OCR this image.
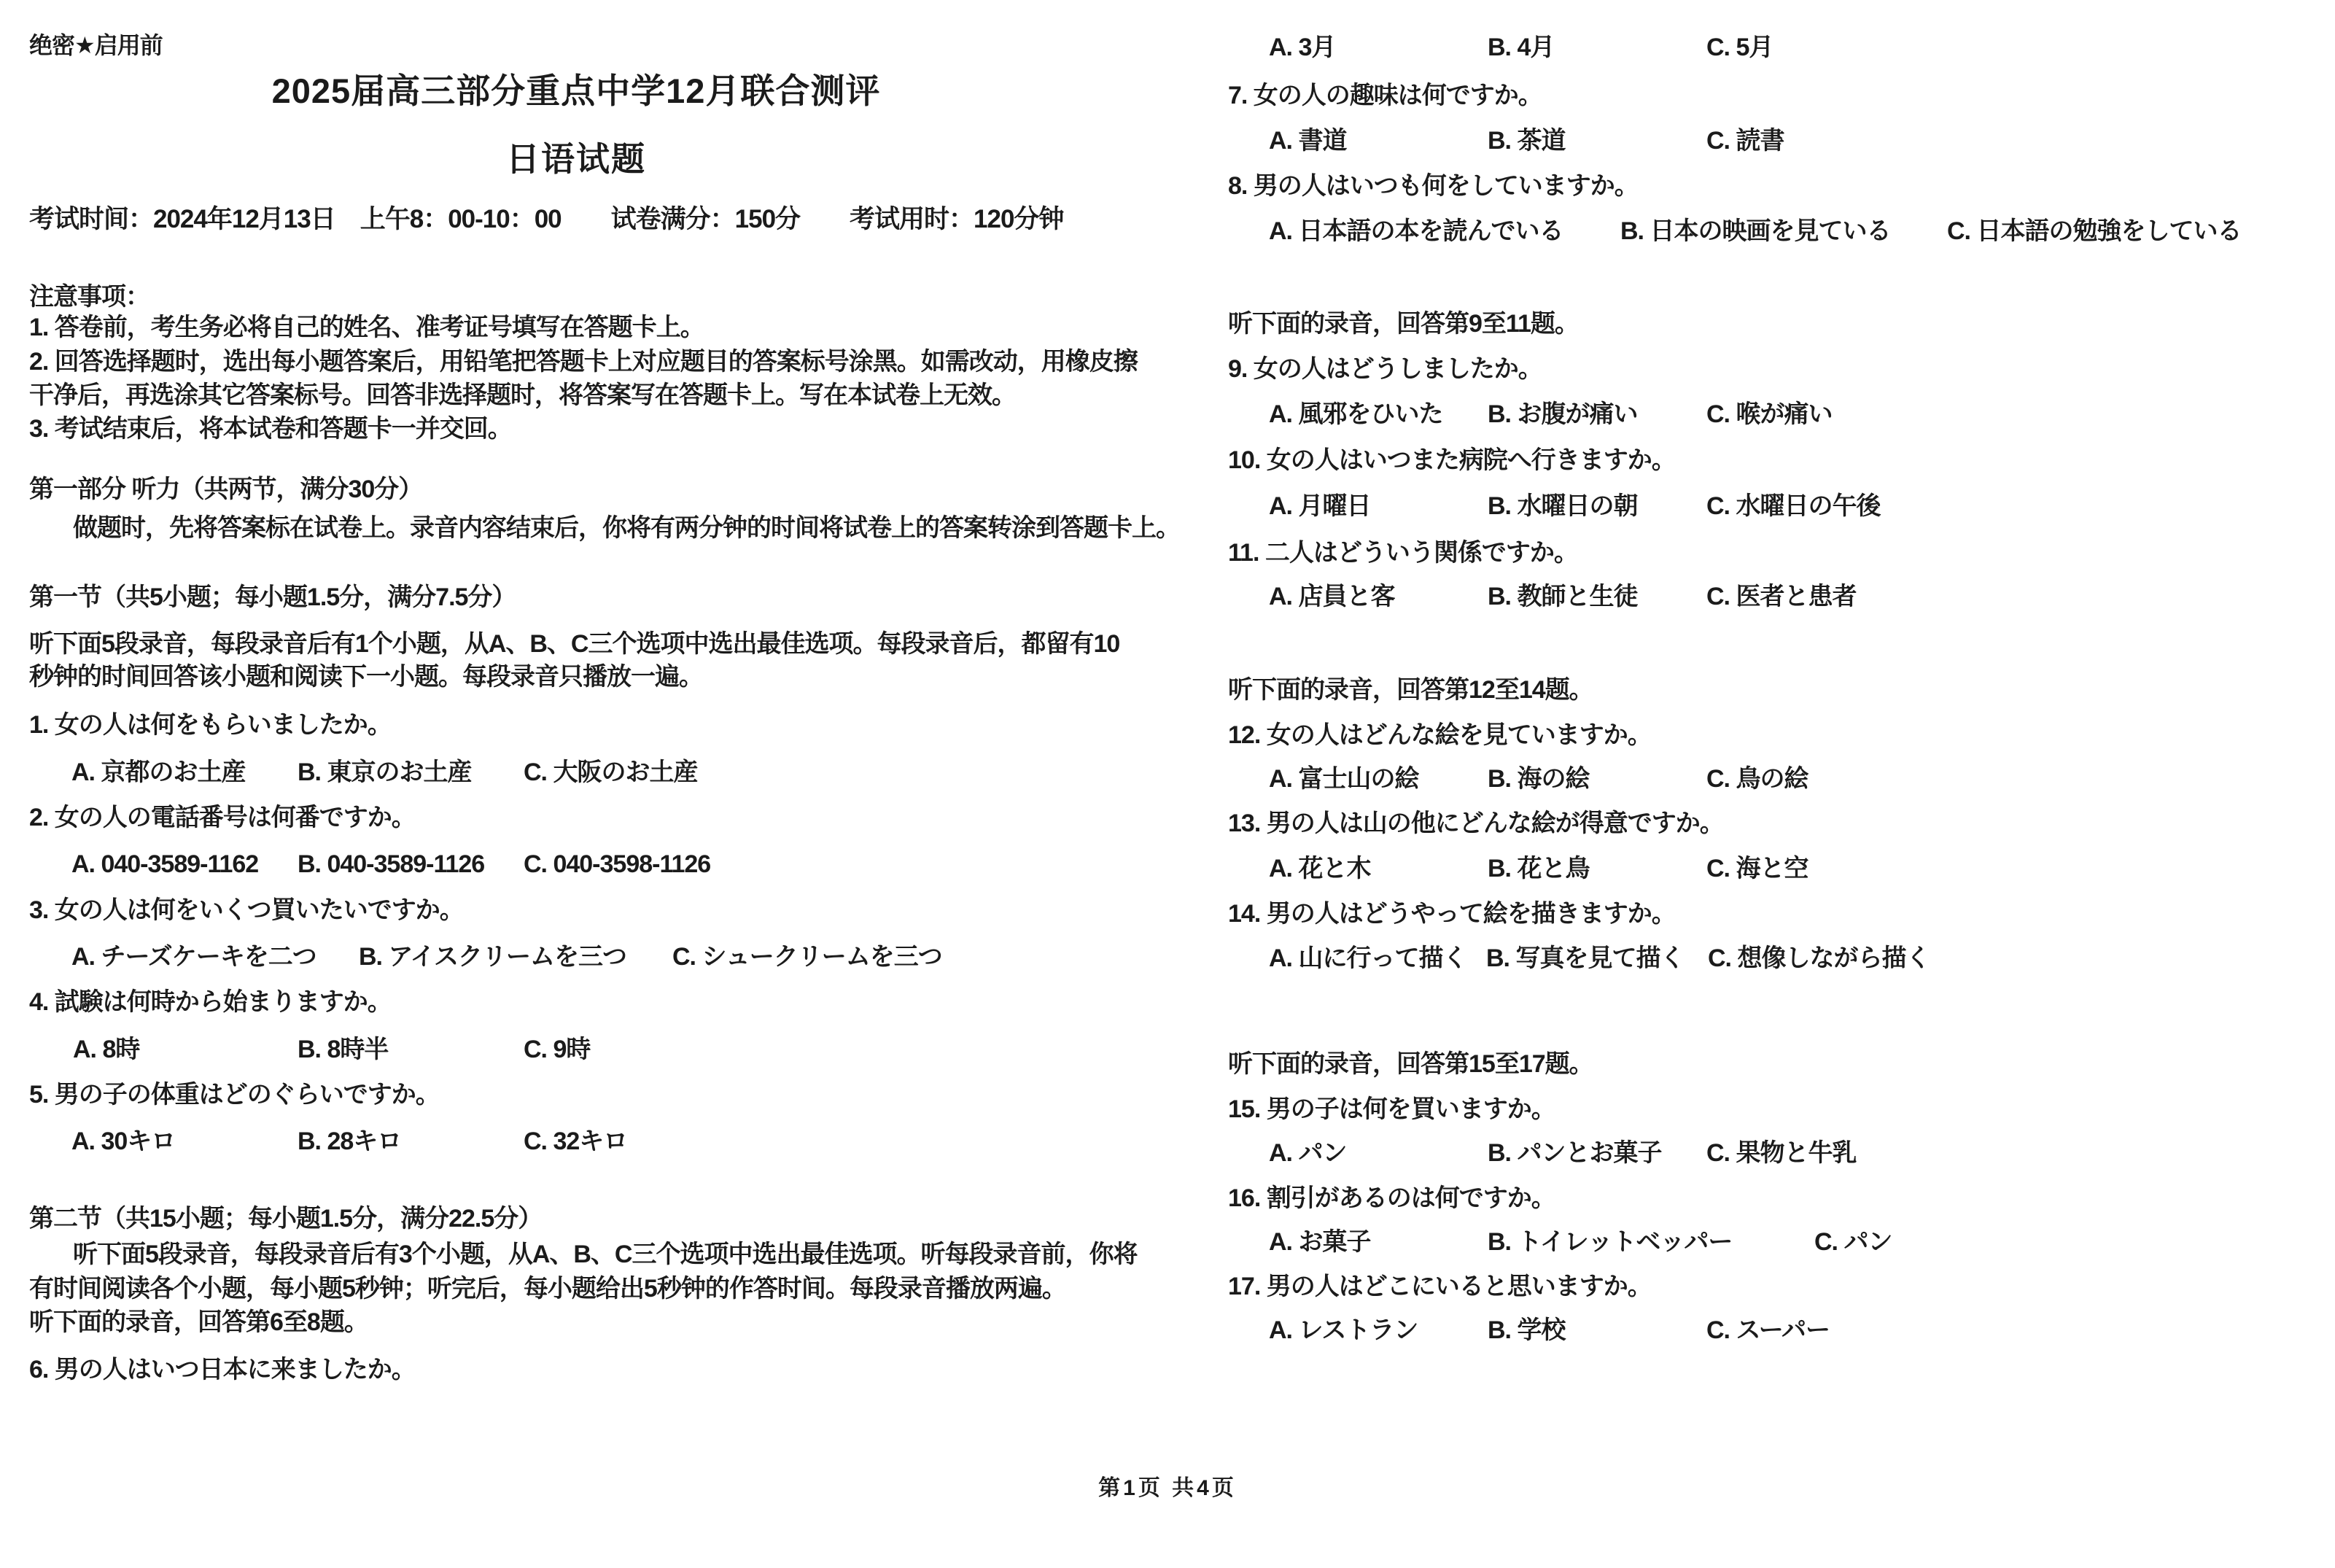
绝密★启用前
2025届高三部分重点中学12月联合测评
日语试题
考试时间：2024年12月13日　上午8：00-10：00　　试卷满分：150分　　考试用时：120分钟
注意事项：
1. 答卷前，考生务必将自己的姓名、准考证号填写在答题卡上。
2. 回答选择题时，选出每小题答案后，用铅笔把答题卡上对应题目的答案标号涂黑。如需改动，用橡皮擦
干净后，再选涂其它答案标号。回答非选择题时，将答案写在答题卡上。写在本试卷上无效。
3. 考试结束后，将本试卷和答题卡一并交回。
第一部分 听力（共两节，满分30分）
做题时，先将答案标在试卷上。录音内容结束后，你将有两分钟的时间将试卷上的答案转涂到答题卡上。
第一节（共5小题；每小题1.5分，满分7.5分）
听下面5段录音，每段录音后有1个小题，从A、B、C三个选项中选出最佳选项。每段录音后，都留有10
秒钟的时间回答该小题和阅读下一小题。每段录音只播放一遍。
1. 女の人は何をもらいましたか。
A. 京都のお土産 B. 東京のお土産 C. 大阪のお土産
2. 女の人の電話番号は何番ですか。
A. 040-3589-1162 B. 040-3589-1126 C. 040-3598-1126
3. 女の人は何をいくつ買いたいですか。
A. チーズケーキを二つ B. アイスクリームを三つ C. シュークリームを三つ
4. 試験は何時から始まりますか。
A. 8時	B. 8時半	C. 9時
5. 男の子の体重はどのぐらいですか。
A. 30キロ	B. 28キロ	C. 32キロ
第二节（共15小题；每小题1.5分，满分22.5分）
听下面5段录音，每段录音后有3个小题，从A、B、C三个选项中选出最佳选项。听每段录音前，你将
有时间阅读各个小题，每小题5秒钟；听完后，每小题给出5秒钟的作答时间。每段录音播放两遍。
听下面的录音，回答第6至8题。
6. 男の人はいつ日本に来ましたか。
A. 3月	B. 4月	C. 5月
7. 女の人の趣味は何ですか。
A. 書道	B. 茶道	C. 読書
8. 男の人はいつも何をしていますか。
A. 日本語の本を読んでいる B. 日本の映画を見ている C. 日本語の勉強をしている
听下面的录音，回答第9至11题。
9. 女の人はどうしましたか。
A. 風邪をひいた B. お腹が痛い	C. 喉が痛い
10. 女の人はいつまた病院へ行きますか。
A. 月曜日	B. 水曜日の朝	C. 水曜日の午後
11. 二人はどういう関係ですか。
A. 店員と客	B. 教師と生徒	C. 医者と患者
听下面的录音，回答第12至14题。
12. 女の人はどんな絵を見ていますか。
A. 富士山の絵	B. 海の絵	C. 鳥の絵
13. 男の人は山の他にどんな絵が得意ですか。
A. 花と木	B. 花と鳥	C. 海と空
14. 男の人はどうやって絵を描きますか。
A. 山に行って描く B. 写真を見て描く C. 想像しながら描く
听下面的录音，回答第15至17题。
15. 男の子は何を買いますか。
A. パン	B. パンとお菓子 C. 果物と牛乳
16. 割引があるのは何ですか。
A. お菓子	B. トイレットベッパー	C. パン
17. 男の人はどこにいると思いますか。
A. レストラン	B. 学校	C. スーパー
第1页 共4页
